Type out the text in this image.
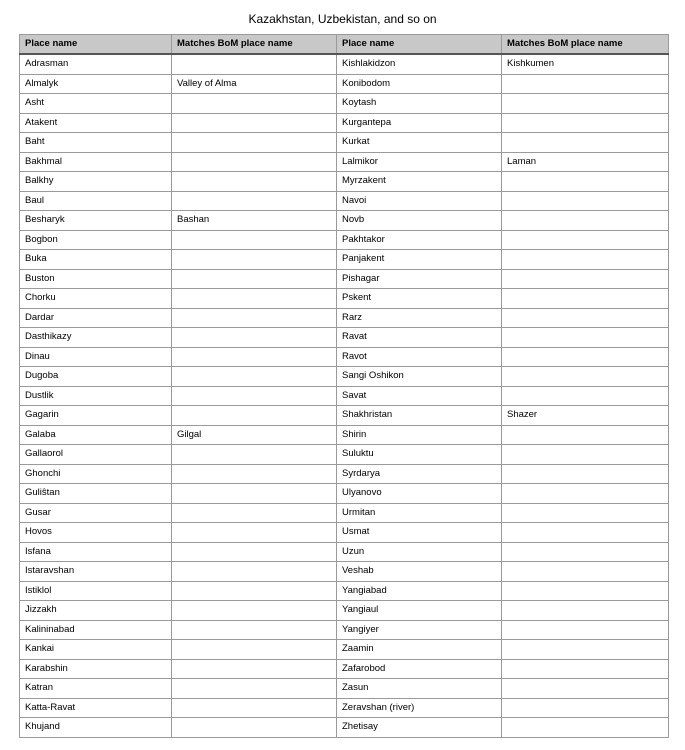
Kazakhstan, Uzbekistan, and so on
Place name	Matches BoM place name	Place name	Matches BoM place name
Adrasman		Kishlakidzon	Kishkumen
Almalyk	Valley of Alma	Konibodom	
Asht		Koytash	
Atakent		Kurgantepa	
Baht		Kurkat	
Bakhmal		Lalmikor	Laman
Balkhy		Myrzakent	
Baul		Navoi	
Besharyk	Bashan	Novb	
Bogbon		Pakhtakor	
Buka		Panjakent	
Buston		Pishagar	
Chorku		Pskent	
Dardar		Rarz	
Dasthikazy		Ravat	
Dinau		Ravot	
Dugoba		Sangi Oshikon	
Dustlik		Savat	
Gagarin		Shakhristan	Shazer
Galaba	Gilgal	Shirin	
Gallaorol		Suluktu	
Ghonchi		Syrdarya	
Guliŝtan		Ulyanovo	
Gusar		Urmitan	
Hovos		Usmat	
Isfana		Uzun	
Istaravshan		Veshab	
Istiklol		Yangiabad	
Jizzakh		Yangiaul	
Kalininabad		Yangiyer	
Kankai		Zaamin	
Karabshin		Zafarobod	
Katran		Zasun	
Katta-Ravat		Zeravshan (river)	
Khujand		Zhetisay	
